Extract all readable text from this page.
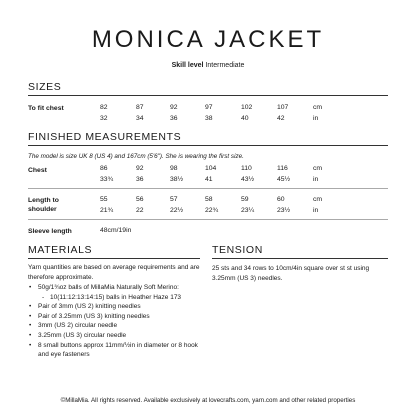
MONICA JACKET
Skill level Intermediate
SIZES
To fit chest	82	87	92	97	102	107	cm
32	34	36	38	40	42	in
FINISHED MEASUREMENTS
The model is size UK 8 (US 4) and 167cm (5'6"). She is wearing the first size.
Chest	86	92	98	104	110	116	cm
33¾	36	38½	41	43½	45½	in
Length to
shoulder
55	56	57	58	59	60	cm
21¾	22	22½	22¾	23¼	23½	in
Sleeve length	48cm/19in
MATERIALS
Yarn quantities are based on average requirements and are therefore approximate.
• 50g/1¾oz balls of MillaMia Naturally Soft Merino:
- 10(11:12:13:14:15) balls in Heather Haze 173
• Pair of 3mm (US 2) knitting needles
• Pair of 3.25mm (US 3) knitting needles
• 3mm (US 2) circular needle
• 3.25mm (US 3) circular needle
• 8 small buttons approx 11mm/½in in diameter or 8 hook and eye fasteners
TENSION
25 sts and 34 rows to 10cm/4in square over st st using 3.25mm (US 3) needles.
©MillaMia. All rights reserved. Available exclusively at lovecrafts.com, yarn.com and other related properties
